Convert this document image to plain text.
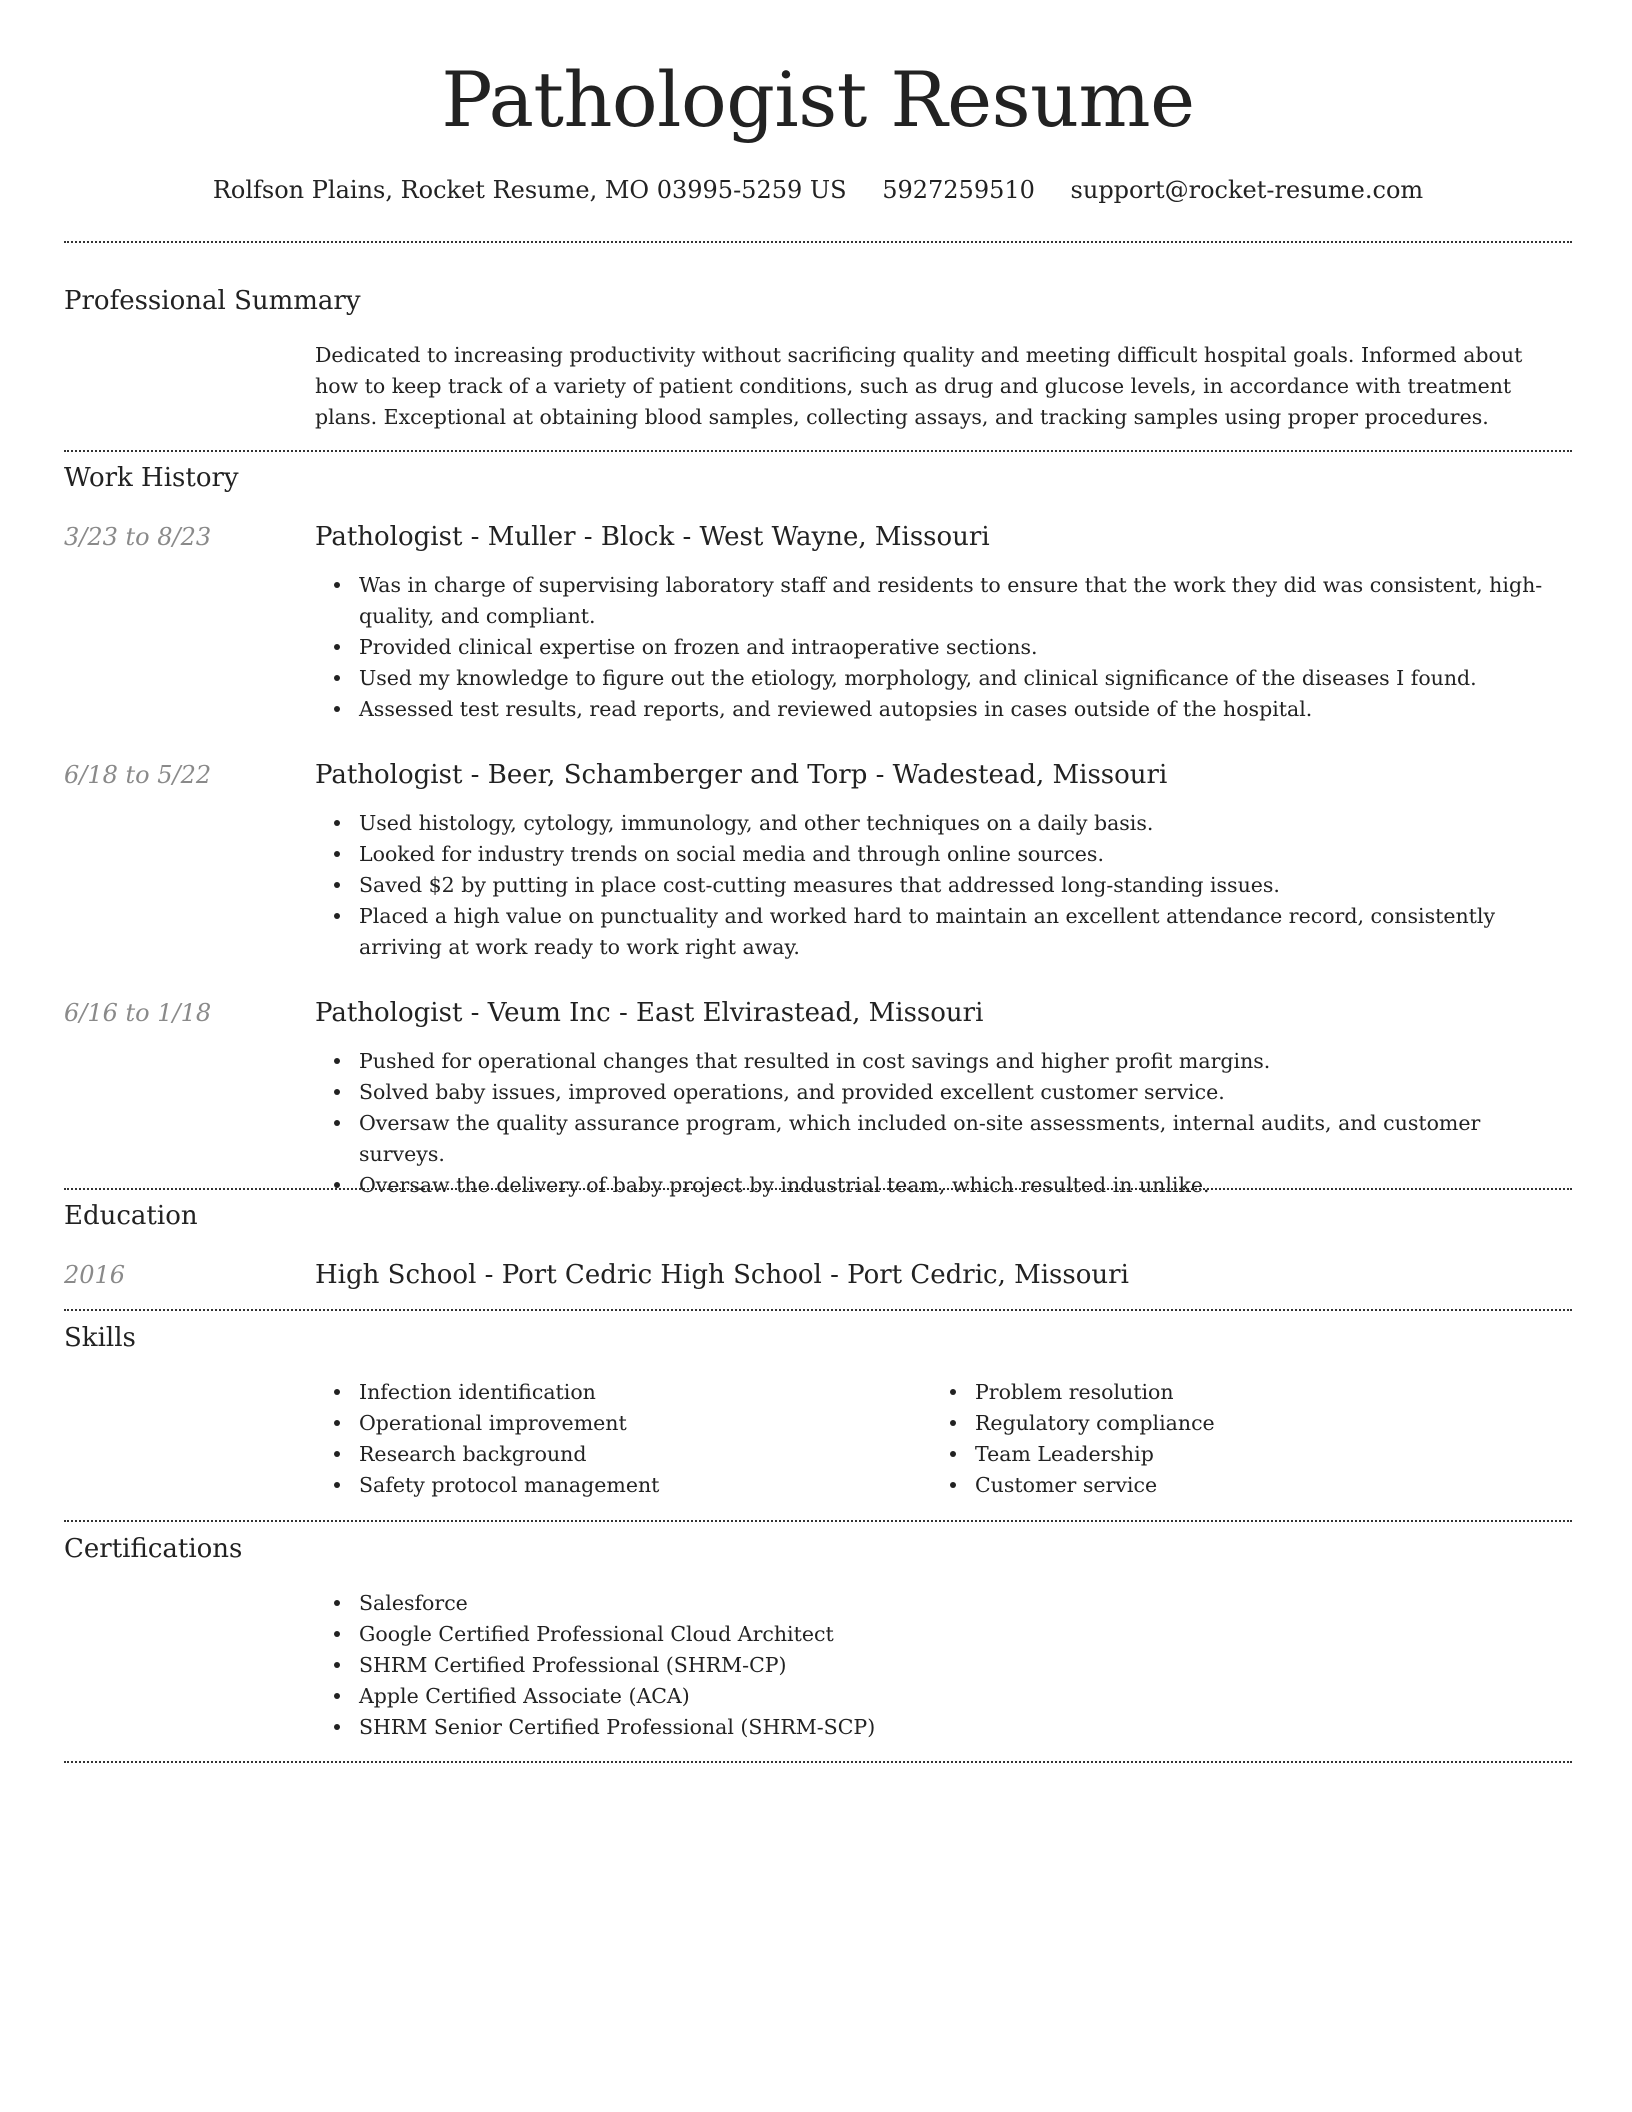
Pathologist Resume
Rolfson Plains, Rocket Resume, MO 03995-5259 US 5927259510 support@rocket-resume.com
Professional Summary

Dedicated to increasing productivity without sacrificing quality and meeting difficult hospital goals. Informed about how to keep track of a variety of patient conditions, such as drug and glucose levels, in accordance with treatment plans. Exceptional at obtaining blood samples, collecting assays, and tracking samples using proper procedures.

Work History
3/23 to 8/23	Pathologist - Muller - Block - West Wayne, Missouri
Was in charge of supervising laboratory staff and residents to ensure that the work they did was consistent, high-quality, and compliant.
Provided clinical expertise on frozen and intraoperative sections.
Used my knowledge to figure out the etiology, morphology, and clinical significance of the diseases I found.
Assessed test results, read reports, and reviewed autopsies in cases outside of the hospital.
6/18 to 5/22	Pathologist - Beer, Schamberger and Torp - Wadestead, Missouri
Used histology, cytology, immunology, and other techniques on a daily basis.
Looked for industry trends on social media and through online sources.
Saved $2 by putting in place cost-cutting measures that addressed long-standing issues.
Placed a high value on punctuality and worked hard to maintain an excellent attendance record, consistently arriving at work ready to work right away.
6/16 to 1/18	Pathologist - Veum Inc - East Elvirastead, Missouri
Pushed for operational changes that resulted in cost savings and higher profit margins.
Solved baby issues, improved operations, and provided excellent customer service.
Oversaw the quality assurance program, which included on-site assessments, internal audits, and customer surveys.
Oversaw the delivery of baby project by industrial team, which resulted in unlike.
Education
2016	High School - Port Cedric High School - Port Cedric, Missouri
Skills
Infection identification
Operational improvement
Research background
Safety protocol management
Problem resolution
Regulatory compliance
Team Leadership
Customer service
Certifications
Salesforce
Google Certified Professional Cloud Architect
SHRM Certified Professional (SHRM-CP)
Apple Certified Associate (ACA)
SHRM Senior Certified Professional (SHRM-SCP)
